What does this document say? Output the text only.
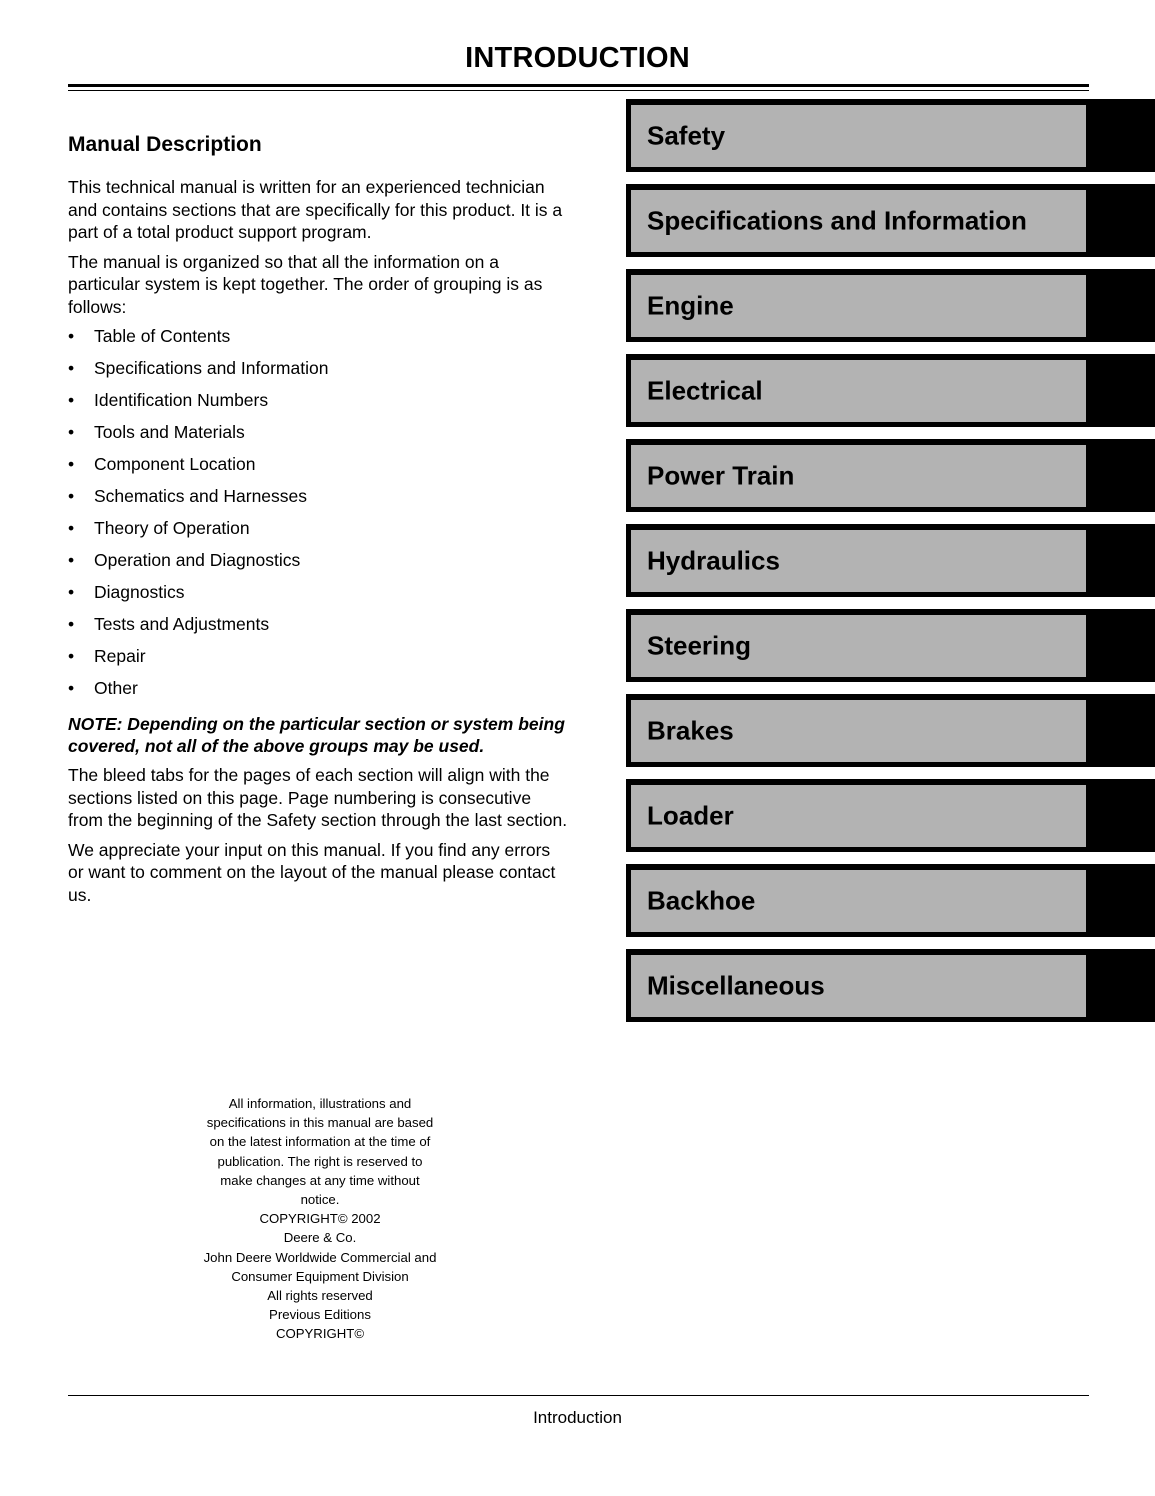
INTRODUCTION
Manual Description

This technical manual is written for an experienced technician and contains sections that are specifically for this product. It is a part of a total product support program.

The manual is organized so that all the information on a particular system is kept together. The order of grouping is as follows:

• Table of Contents
• Specifications and Information
• Identification Numbers
• Tools and Materials
• Component Location
• Schematics and Harnesses
• Theory of Operation
• Operation and Diagnostics
• Diagnostics
• Tests and Adjustments
• Repair
• Other

NOTE: Depending on the particular section or system being covered, not all of the above groups may be used.

The bleed tabs for the pages of each section will align with the sections listed on this page. Page numbering is consecutive from the beginning of the Safety section through the last section.

We appreciate your input on this manual. If you find any errors or want to comment on the layout of the manual please contact us.

Safety
Specifications and Information
Engine
Electrical
Power Train
Hydraulics
Steering
Brakes
Loader
Backhoe
Miscellaneous
All information, illustrations and
specifications in this manual are based
on the latest information at the time of
publication. The right is reserved to
make changes at any time without
notice.
COPYRIGHT© 2002
Deere & Co.
John Deere Worldwide Commercial and
Consumer Equipment Division
All rights reserved
Previous Editions
COPYRIGHT©
Introduction
